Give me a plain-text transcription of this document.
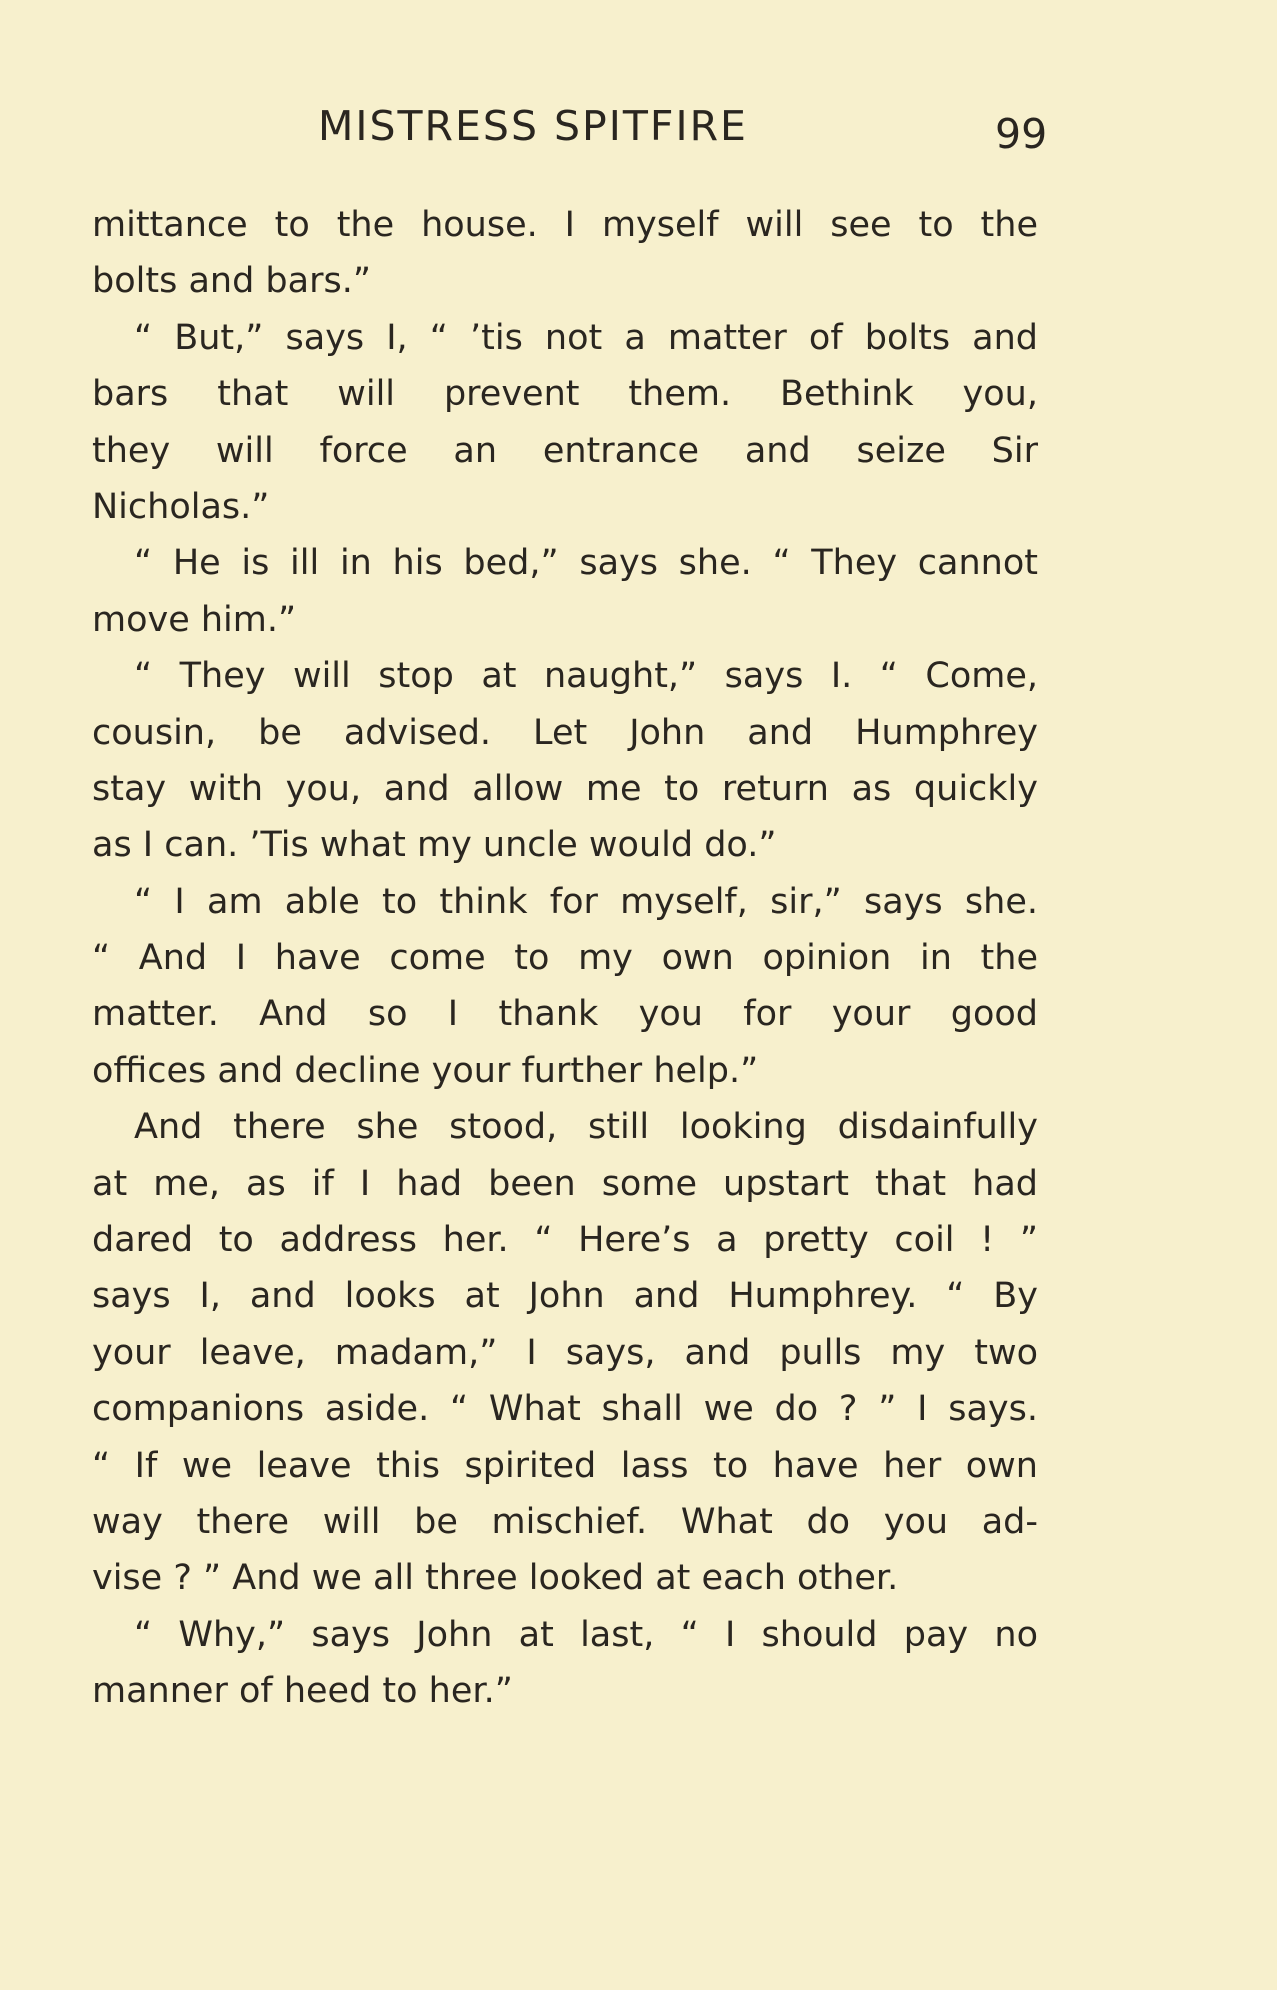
MISTRESS SPITFIRE	99
mittance to the house. I myself will see to the
bolts and bars.”
“ But,” says I, “ ’tis not a matter of bolts and
bars that will prevent them. Bethink you,
they will force an entrance and seize Sir
Nicholas.”
“ He is ill in his bed,” says she. “ They cannot
move him.”
“ They will stop at naught,” says I. “ Come,
cousin, be advised. Let John and Humphrey
stay with you, and allow me to return as quickly
as I can. ’Tis what my uncle would do.”
“ I am able to think for myself, sir,” says she.
“ And I have come to my own opinion in the
matter. And so I thank you for your good
offices and decline your further help.”
And there she stood, still looking disdainfully
at me, as if I had been some upstart that had
dared to address her. “ Here’s a pretty coil ! ”
says I, and looks at John and Humphrey. “ By
your leave, madam,” I says, and pulls my two
companions aside. “ What shall we do ? ” I says.
“ If we leave this spirited lass to have her own
way there will be mischief. What do you ad-
vise ? ” And we all three looked at each other.
“ Why,” says John at last, “ I should pay no
manner of heed to her.”
